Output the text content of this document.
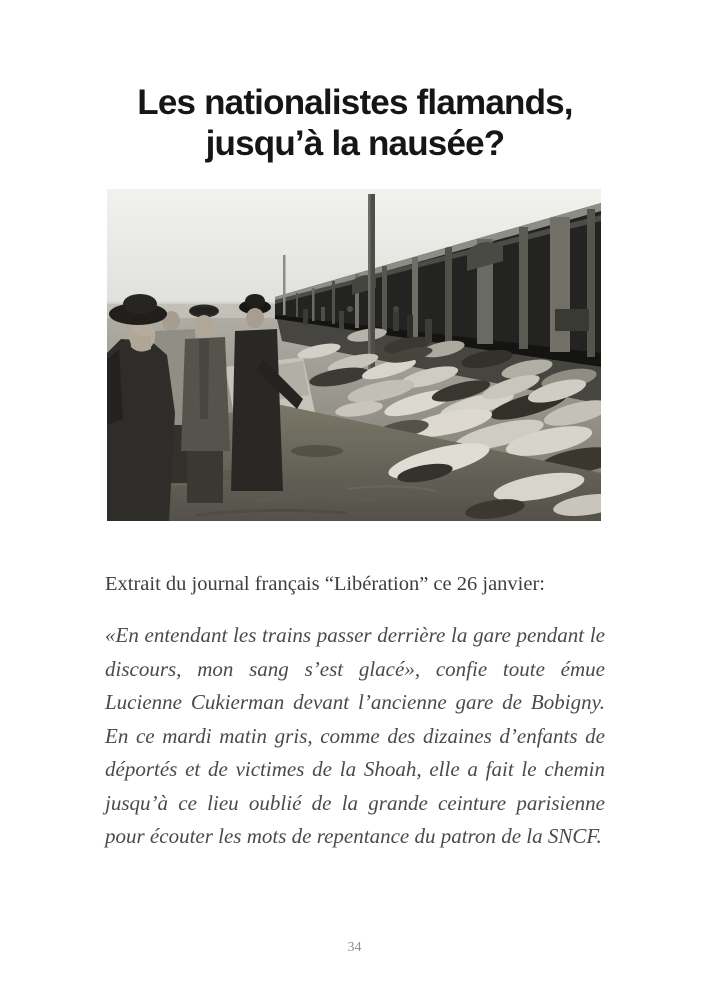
Les nationalistes flamands,
jusqu’à la nausée?

Extrait du journal français “Libération” ce 26 janvier:

«En entendant les trains passer derrière la gare pendant le discours, mon sang s’est glacé», confie toute émue Lucienne Cukierman devant l’ancienne gare de Bobigny. En ce mardi matin gris, comme des dizaines d’enfants de déportés et de victimes de la Shoah, elle a fait le chemin jusqu’à ce lieu oublié de la grande ceinture parisienne pour écouter les mots de repentance du patron de la SNCF.

34
